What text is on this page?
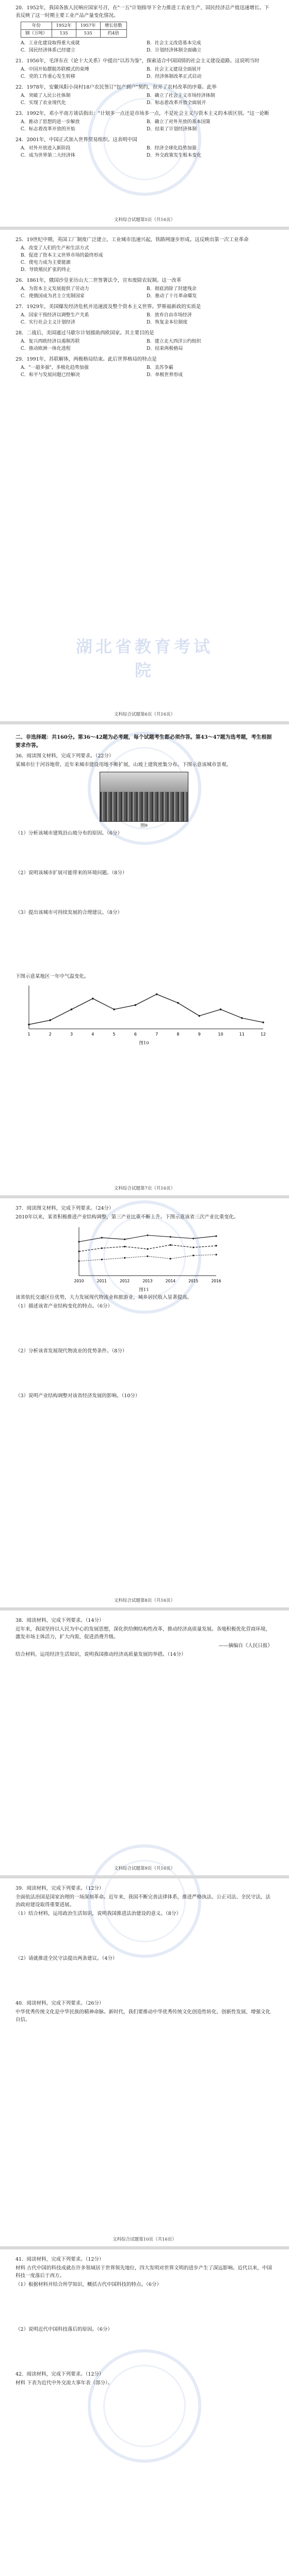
20．1952年，我国各族人民响应国家号召，在"一五"计划指导下全力推进工农业生产，国民经济总产值迅速增长。下表反映了这一时期主要工业产品产量变化情况。

年份	1952年	1957年	增长倍数
钢（万吨）	135	535	约4倍
A．工业化建设取得重大成就	B．社会主义改造基本完成
C．国民经济体系已经建立	D．计划经济体制全面确立

21．1956年，毛泽东在《论十大关系》中提出"以苏为鉴"，探索适合中国国情的社会主义建设道路。这说明当时

A．中国开始摆脱苏联模式的束缚	B．社会主义建设全面展开
C．党的工作重心发生转移	D．经济体制改革正式启动

22．1978年，安徽凤阳小岗村18户农民签订"包产到户"契约，拉开了农村改革的序幕。此举

A．突破了人民公社体制	B．确立了社会主义市场经济体制
C．实现了农业现代化	D．标志着改革开放全面展开

23．1992年，邓小平南方谈话指出："计划多一点还是市场多一点，不是社会主义与资本主义的本质区别。"这一论断

A．推动了思想的进一步解放	B．确立了对外开放的基本国策
C．标志着改革开放的开始	D．结束了计划经济体制

24．2001年，中国正式加入世界贸易组织。这表明中国

A．对外开放进入新阶段	B．经济全球化趋势加强
C．成为世界第二大经济体	D．外交政策发生根本变化
文科综合试题第5页（共16页）

25．19世纪中期，英国工厂制度广泛建立，工业城市迅速兴起，铁路网逐步形成。这反映出第一次工业革命

A．改变了人们的生产和生活方式
B．促进了资本主义世界市场的最终形成
C．使电力成为主要能源
D．导致殖民扩张的终止

26．1861年，俄国沙皇亚历山大二世签署法令，宣布废除农奴制。这一改革

A．为资本主义发展提供了劳动力	B．彻底消除了封建残余
C．使俄国成为君主立宪制国家	D．推动了十月革命爆发

27．1929年，美国爆发经济危机并迅速波及整个资本主义世界。罗斯福新政的实质是

A．国家干预经济以调整生产关系	B．放弃自由市场经济
C．实行社会主义计划经济	D．恢复金本位制度

28．二战后，美国通过马歇尔计划援助西欧国家。其主要目的是

A．复兴西欧经济以遏制苏联	B．建立北大西洋公约组织
C．推动欧洲一体化进程	D．结束两极格局

29．1991年，苏联解体，两极格局结束。此后世界格局的特点是

A．"一超多强"，多极化趋势加强	B．美苏争霸
C．和平与发展问题已经解决	D．单极世界形成
湖北省教育考试院
文科综合试题第6页（共16页）

二、非选择题：共160分。第36～42题为必考题，每个试题考生都必须作答。第43～47题为选考题，考生根据要求作答。

36．阅读图文材料，完成下列要求。（22分）

某城市位于河谷地带，近年来城市建设用地不断扩展，山坡上建筑密集分布。下图示意该城市景观。

图9

（1）分析该城市建筑沿山坡分布的原因。（6分）

（2）说明该城市扩展可能带来的环境问题。（8分）

（3）提出该城市可持续发展的合理建议。（8分）

下图示意某地区一年中气温变化。

1	2	3	4	5	6	7	8	9	10	11	12
图10
文科综合试题第7页（共16页）

37．阅读图文材料，完成下列要求。（24分）

2010年以来，某省积极推进产业结构调整，第三产业比重不断上升。下图示意该省三次产业比重变化。

2010	2011	2012	2013	2014	2015	2016
图11

该省依托交通区位优势，大力发展现代物流业和旅游业，城乡居民收入显著提高。

（1）描述该省产业结构变化的特点。（6分）

（2）分析该省发展现代物流业的优势条件。（8分）

（3）说明产业结构调整对该省经济发展的影响。（10分）

文科综合试题第8页（共16页）

38．阅读材料，完成下列要求。（14分）

近年来，我国坚持以人民为中心的发展思想，深化供给侧结构性改革，推动经济高质量发展。各地积极优化营商环境，激发市场主体活力，扩大内需，促进消费升级。

——摘编自《人民日报》

结合材料，运用经济生活知识，说明我国推动经济高质量发展的举措。（14分）

文科综合试题第9页（共16页）

39．阅读材料，完成下列要求。（12分）

全面依法治国是国家治理的一场深刻革命。近年来，我国不断完善法律体系，推进严格执法、公正司法、全民守法，法治政府建设取得重要进展。

（1）结合材料，运用政治生活知识，说明我国推进法治建设的意义。（8分）

（2）请就推进全民守法提出两条建议。（4分）

40．阅读材料，完成下列要求。（26分）

中华优秀传统文化是中华民族的精神命脉。新时代，我们要推动中华优秀传统文化创造性转化、创新性发展，增强文化自信。

文科综合试题第10页（共16页）

41．阅读材料，完成下列要求。（12分）

材料 古代中国的科技成就在许多领域居于世界领先地位，四大发明对世界文明的进步产生了深远影响。近代以来，中国科技一度落后于西方。

（1）根据材料并结合所学知识，概括古代中国科技的特点。（6分）

（2）说明近代中国科技落后的原因。（6分）

42．阅读材料，完成下列要求。（12分）

材料 下表为近代中外交流大事年表（部分）。
